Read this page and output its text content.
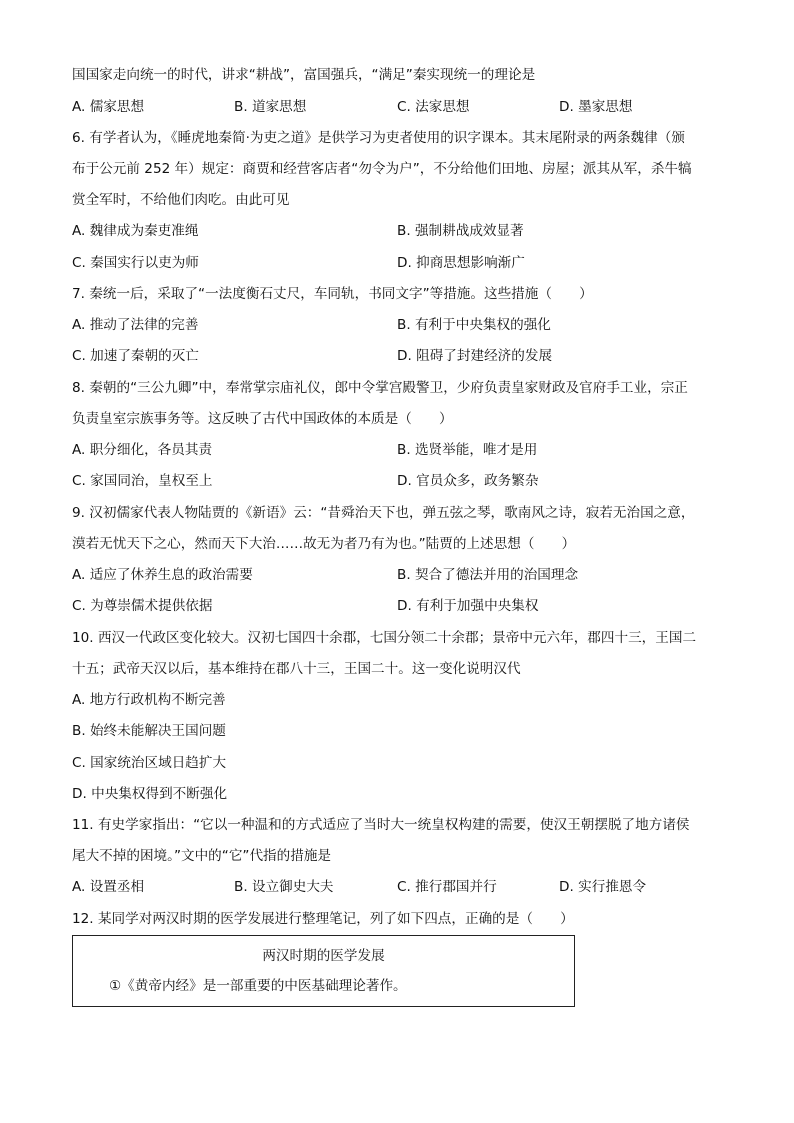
国国家走向统一的时代，讲求“耕战”，富国强兵，“满足”秦实现统一的理论是
A. 儒家思想	B. 道家思想	C. 法家思想	D. 墨家思想
6. 有学者认为，《睡虎地秦简·为吏之道》是供学习为吏者使用的识字课本。其末尾附录的两条魏律（颁
布于公元前 252 年）规定：商贾和经营客店者“勿令为户”，不分给他们田地、房屋；派其从军，杀牛犒
赏全军时，不给他们肉吃。由此可见
A. 魏律成为秦吏准绳	B. 强制耕战成效显著
C. 秦国实行以吏为师	D. 抑商思想影响渐广
7. 秦统一后，采取了“一法度衡石丈尺，车同轨，书同文字”等措施。这些措施（　　）
A. 推动了法律的完善	B. 有利于中央集权的强化
C. 加速了秦朝的灭亡	D. 阻碍了封建经济的发展
8. 秦朝的“三公九卿”中，奉常掌宗庙礼仪，郎中令掌宫殿警卫，少府负责皇家财政及官府手工业，宗正
负责皇室宗族事务等。这反映了古代中国政体的本质是（　　）
A. 职分细化，各员其责	B. 选贤举能，唯才是用
C. 家国同治，皇权至上	D. 官员众多，政务繁杂
9. 汉初儒家代表人物陆贾的《新语》云：“昔舜治天下也，弹五弦之琴，歌南风之诗，寂若无治国之意，
漠若无忧天下之心，然而天下大治……故无为者乃有为也。”陆贾的上述思想（　　）
A. 适应了休养生息的政治需要	B. 契合了德法并用的治国理念
C. 为尊崇儒术提供依据	D. 有利于加强中央集权
10. 西汉一代政区变化较大。汉初七国四十余郡，七国分领二十余郡；景帝中元六年，郡四十三，王国二
十五；武帝天汉以后，基本维持在郡八十三，王国二十。这一变化说明汉代
A. 地方行政机构不断完善
B. 始终未能解决王国问题
C. 国家统治区域日趋扩大
D. 中央集权得到不断强化
11. 有史学家指出：“它以一种温和的方式适应了当时大一统皇权构建的需要，使汉王朝摆脱了地方诸侯
尾大不掉的困境。”文中的“它”代指的措施是
A. 设置丞相	B. 设立御史大夫	C. 推行郡国并行	D. 实行推恩令
12. 某同学对两汉时期的医学发展进行整理笔记，列了如下四点，正确的是（　　）
两汉时期的医学发展
①《黄帝内经》是一部重要的中医基础理论著作。
